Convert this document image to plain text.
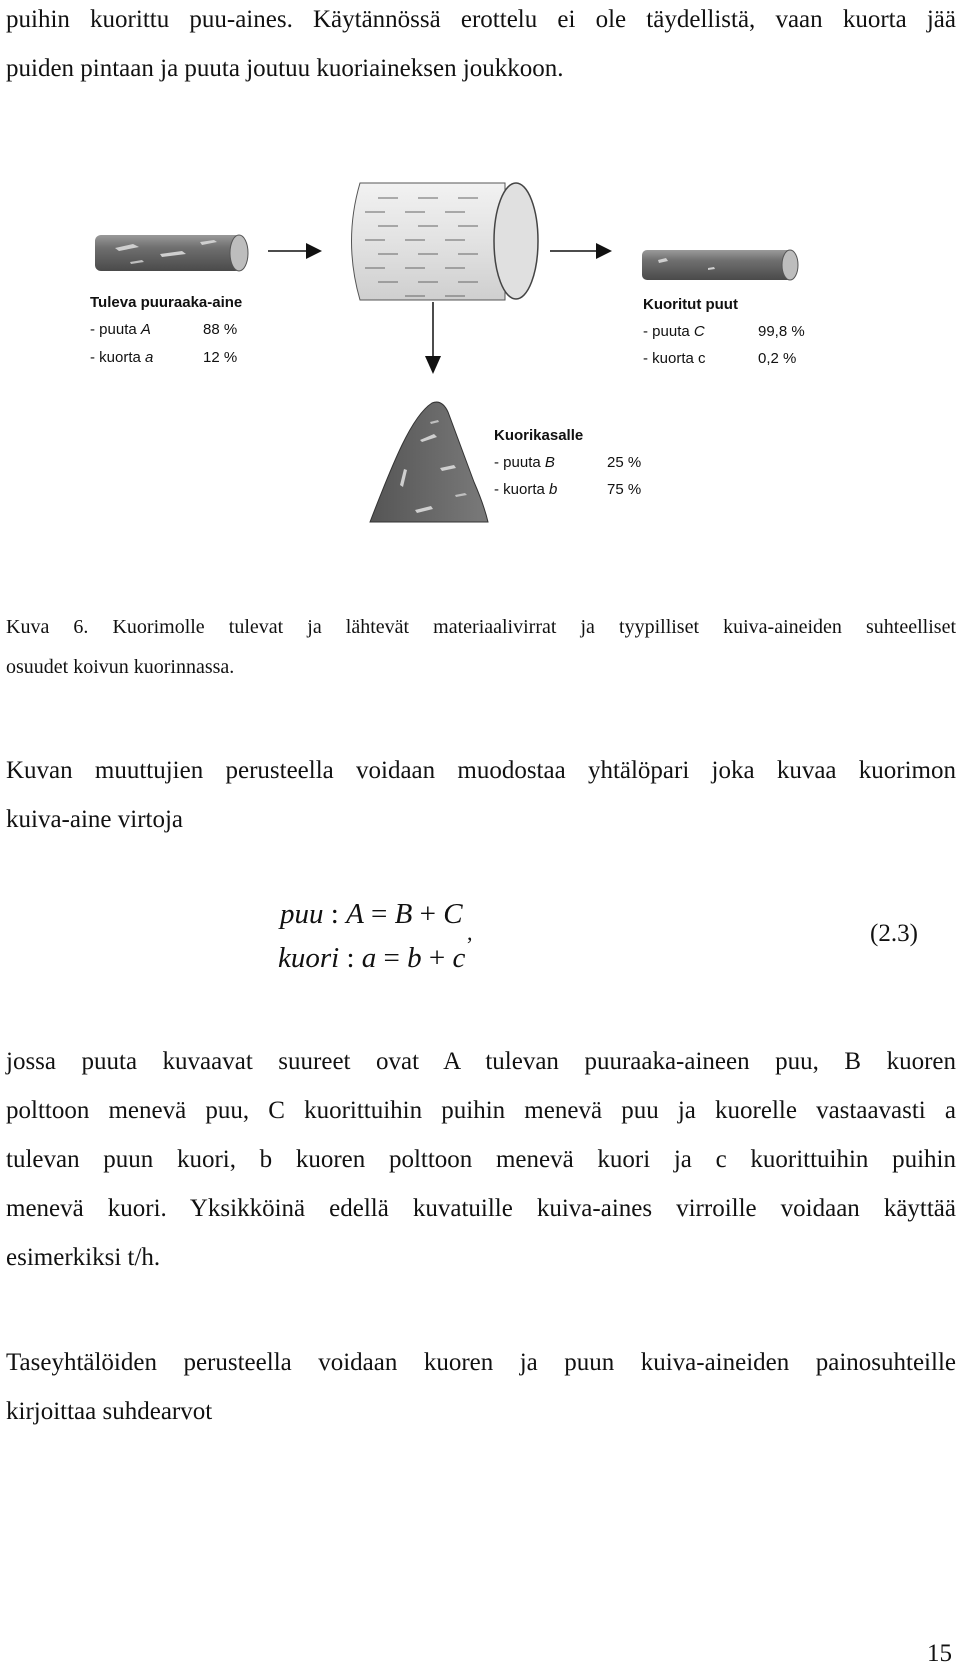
puihin kuorittu puu-aines. Käytännössä erottelu ei ole täydellistä, vaan kuorta jää

puiden pintaan ja puuta joutuu kuoriaineksen joukkoon.

Tuleva puuraaka-aine
- puuta A	88 %
- kuorta a	12 %
Kuoritut puut
- puuta C	99,8 %
- kuorta c	0,2 %
Kuorikasalle
- puuta B	25 %
- kuorta b	75 %
Kuva 6. Kuorimolle tulevat ja lähtevät materiaalivirrat ja tyypilliset kuiva-aineiden suhteelliset
osuudet koivun kuorinnassa.

Kuvan muuttujien perusteella voidaan muodostaa yhtälöpari joka kuvaa kuorimon

kuiva-aine virtoja

puu : A = B + C
kuori : a = b + c
,	(2.3)

jossa puuta kuvaavat suureet ovat A tulevan puuraaka-aineen puu, B kuoren

polttoon menevä puu, C kuorittuihin puihin menevä puu ja kuorelle vastaavasti a

tulevan puun kuori, b kuoren polttoon menevä kuori ja c kuorittuihin puihin

menevä kuori. Yksikköinä edellä kuvatuille kuiva-aines virroille voidaan käyttää

esimerkiksi t/h.

Taseyhtälöiden perusteella voidaan kuoren ja puun kuiva-aineiden painosuhteille

kirjoittaa suhdearvot

15
